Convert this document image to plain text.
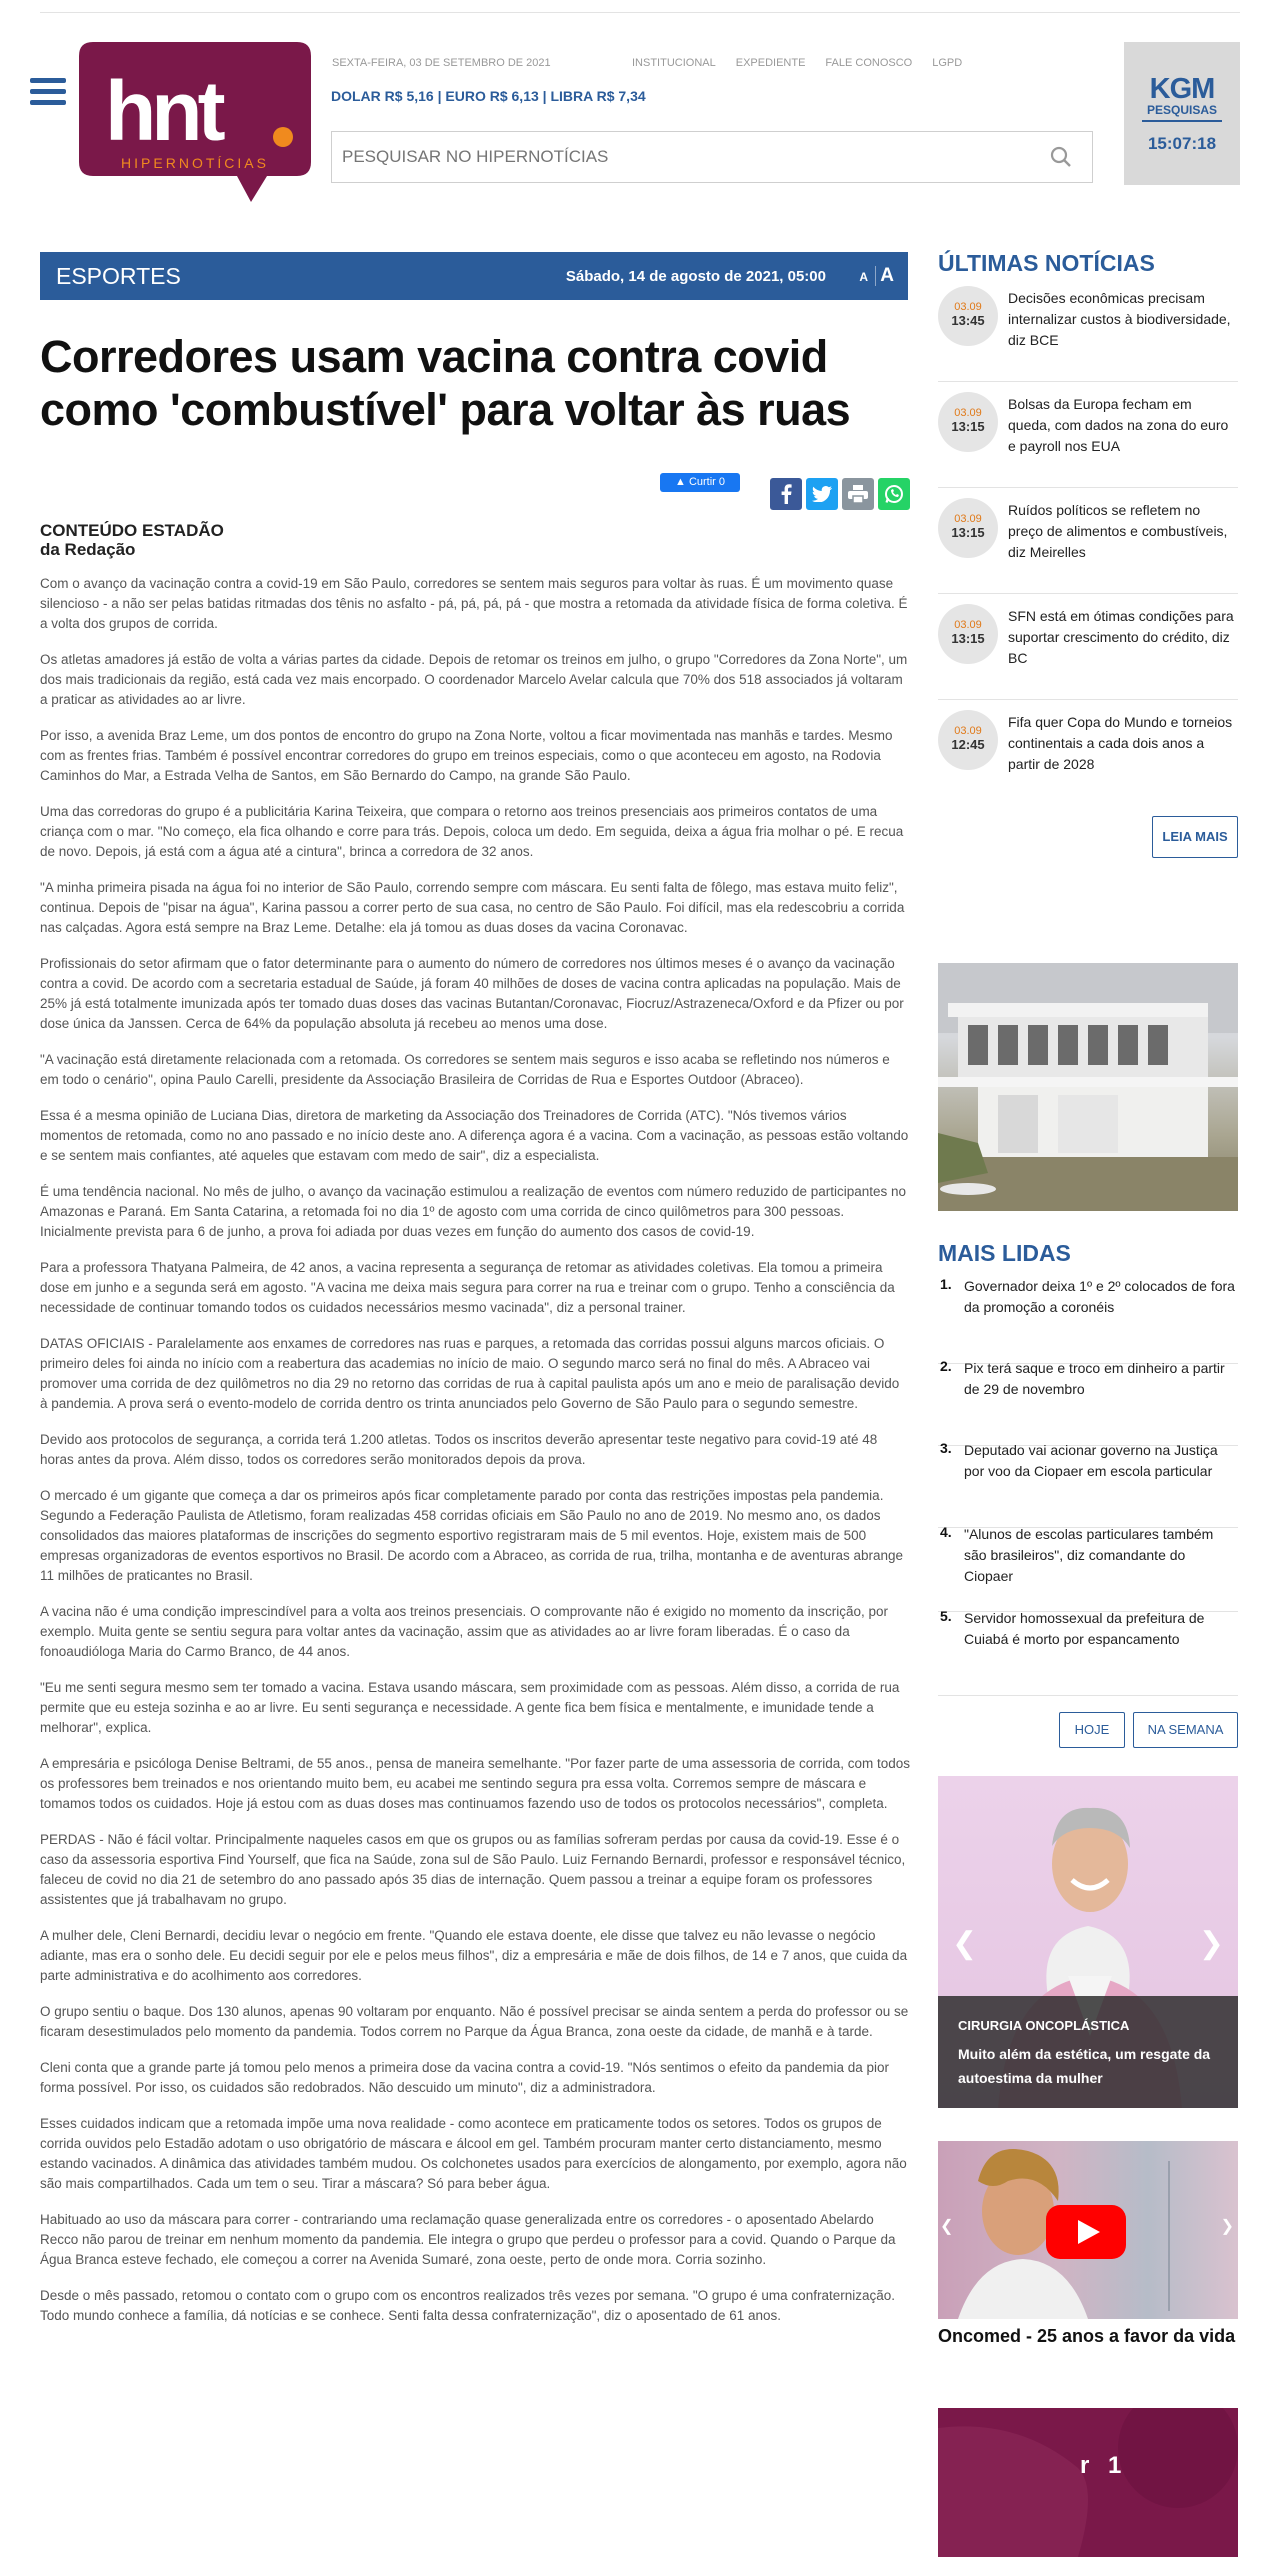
hnt
HIPERNOTÍCIAS
SEXTA-FEIRA, 03 DE SETEMBRO DE 2021	INSTITUCIONAL EXPEDIENTE FALE CONOSCO LGPD
DOLAR R$ 5,16 | EURO R$ 6,13 | LIBRA R$ 7,34
PESQUISAR NO HIPERNOTÍCIAS	KGM
PESQUISAS
15:07:18
ESPORTES	Sábado, 14 de agosto de 2021, 05:00	A A
Corredores usam vacina contra covid como 'combustível' para voltar às ruas
▲ Curtir 0
CONTEÚDO ESTADÃO
da Redação

Com o avanço da vacinação contra a covid-19 em São Paulo, corredores se sentem mais seguros para voltar às ruas. É um movimento quase silencioso - a não ser pelas batidas ritmadas dos tênis no asfalto - pá, pá, pá, pá - que mostra a retomada da atividade física de forma coletiva. É a volta dos grupos de corrida.

Os atletas amadores já estão de volta a várias partes da cidade. Depois de retomar os treinos em julho, o grupo "Corredores da Zona Norte", um dos mais tradicionais da região, está cada vez mais encorpado. O coordenador Marcelo Avelar calcula que 70% dos 518 associados já voltaram a praticar as atividades ao ar livre.

Por isso, a avenida Braz Leme, um dos pontos de encontro do grupo na Zona Norte, voltou a ficar movimentada nas manhãs e tardes. Mesmo com as frentes frias. Também é possível encontrar corredores do grupo em treinos especiais, como o que aconteceu em agosto, na Rodovia Caminhos do Mar, a Estrada Velha de Santos, em São Bernardo do Campo, na grande São Paulo.

Uma das corredoras do grupo é a publicitária Karina Teixeira, que compara o retorno aos treinos presenciais aos primeiros contatos de uma criança com o mar. "No começo, ela fica olhando e corre para trás. Depois, coloca um dedo. Em seguida, deixa a água fria molhar o pé. E recua de novo. Depois, já está com a água até a cintura", brinca a corredora de 32 anos.

"A minha primeira pisada na água foi no interior de São Paulo, correndo sempre com máscara. Eu senti falta de fôlego, mas estava muito feliz", continua. Depois de "pisar na água", Karina passou a correr perto de sua casa, no centro de São Paulo. Foi difícil, mas ela redescobriu a corrida nas calçadas. Agora está sempre na Braz Leme. Detalhe: ela já tomou as duas doses da vacina Coronavac.

Profissionais do setor afirmam que o fator determinante para o aumento do número de corredores nos últimos meses é o avanço da vacinação contra a covid. De acordo com a secretaria estadual de Saúde, já foram 40 milhões de doses de vacina contra aplicadas na população. Mais de 25% já está totalmente imunizada após ter tomado duas doses das vacinas Butantan/Coronavac, Fiocruz/Astrazeneca/Oxford e da Pfizer ou por dose única da Janssen. Cerca de 64% da população absoluta já recebeu ao menos uma dose.

"A vacinação está diretamente relacionada com a retomada. Os corredores se sentem mais seguros e isso acaba se refletindo nos números e em todo o cenário", opina Paulo Carelli, presidente da Associação Brasileira de Corridas de Rua e Esportes Outdoor (Abraceo).

Essa é a mesma opinião de Luciana Dias, diretora de marketing da Associação dos Treinadores de Corrida (ATC). "Nós tivemos vários momentos de retomada, como no ano passado e no início deste ano. A diferença agora é a vacina. Com a vacinação, as pessoas estão voltando e se sentem mais confiantes, até aqueles que estavam com medo de sair", diz a especialista.

É uma tendência nacional. No mês de julho, o avanço da vacinação estimulou a realização de eventos com número reduzido de participantes no Amazonas e Paraná. Em Santa Catarina, a retomada foi no dia 1º de agosto com uma corrida de cinco quilômetros para 300 pessoas. Inicialmente prevista para 6 de junho, a prova foi adiada por duas vezes em função do aumento dos casos de covid-19.

Para a professora Thatyana Palmeira, de 42 anos, a vacina representa a segurança de retomar as atividades coletivas. Ela tomou a primeira dose em junho e a segunda será em agosto. "A vacina me deixa mais segura para correr na rua e treinar com o grupo. Tenho a consciência da necessidade de continuar tomando todos os cuidados necessários mesmo vacinada", diz a personal trainer.

DATAS OFICIAIS - Paralelamente aos enxames de corredores nas ruas e parques, a retomada das corridas possui alguns marcos oficiais. O primeiro deles foi ainda no início com a reabertura das academias no início de maio. O segundo marco será no final do mês. A Abraceo vai promover uma corrida de dez quilômetros no dia 29 no retorno das corridas de rua à capital paulista após um ano e meio de paralisação devido à pandemia. A prova será o evento-modelo de corrida dentro os trinta anunciados pelo Governo de São Paulo para o segundo semestre.

Devido aos protocolos de segurança, a corrida terá 1.200 atletas. Todos os inscritos deverão apresentar teste negativo para covid-19 até 48 horas antes da prova. Além disso, todos os corredores serão monitorados depois da prova.

O mercado é um gigante que começa a dar os primeiros após ficar completamente parado por conta das restrições impostas pela pandemia. Segundo a Federação Paulista de Atletismo, foram realizadas 458 corridas oficiais em São Paulo no ano de 2019. No mesmo ano, os dados consolidados das maiores plataformas de inscrições do segmento esportivo registraram mais de 5 mil eventos. Hoje, existem mais de 500 empresas organizadoras de eventos esportivos no Brasil. De acordo com a Abraceo, as corrida de rua, trilha, montanha e de aventuras abrange 11 milhões de praticantes no Brasil.

A vacina não é uma condição imprescindível para a volta aos treinos presenciais. O comprovante não é exigido no momento da inscrição, por exemplo. Muita gente se sentiu segura para voltar antes da vacinação, assim que as atividades ao ar livre foram liberadas. É o caso da fonoaudióloga Maria do Carmo Branco, de 44 anos.

"Eu me senti segura mesmo sem ter tomado a vacina. Estava usando máscara, sem proximidade com as pessoas. Além disso, a corrida de rua permite que eu esteja sozinha e ao ar livre. Eu senti segurança e necessidade. A gente fica bem física e mentalmente, e imunidade tende a melhorar", explica.

A empresária e psicóloga Denise Beltrami, de 55 anos., pensa de maneira semelhante. "Por fazer parte de uma assessoria de corrida, com todos os professores bem treinados e nos orientando muito bem, eu acabei me sentindo segura pra essa volta. Corremos sempre de máscara e tomamos todos os cuidados. Hoje já estou com as duas doses mas continuamos fazendo uso de todos os protocolos necessários", completa.

PERDAS - Não é fácil voltar. Principalmente naqueles casos em que os grupos ou as famílias sofreram perdas por causa da covid-19. Esse é o caso da assessoria esportiva Find Yourself, que fica na Saúde, zona sul de São Paulo. Luiz Fernando Bernardi, professor e responsável técnico, faleceu de covid no dia 21 de setembro do ano passado após 35 dias de internação. Quem passou a treinar a equipe foram os professores assistentes que já trabalhavam no grupo.

A mulher dele, Cleni Bernardi, decidiu levar o negócio em frente. "Quando ele estava doente, ele disse que talvez eu não levasse o negócio adiante, mas era o sonho dele. Eu decidi seguir por ele e pelos meus filhos", diz a empresária e mãe de dois filhos, de 14 e 7 anos, que cuida da parte administrativa e do acolhimento aos corredores.

O grupo sentiu o baque. Dos 130 alunos, apenas 90 voltaram por enquanto. Não é possível precisar se ainda sentem a perda do professor ou se ficaram desestimulados pelo momento da pandemia. Todos correm no Parque da Água Branca, zona oeste da cidade, de manhã e à tarde.

Cleni conta que a grande parte já tomou pelo menos a primeira dose da vacina contra a covid-19. "Nós sentimos o efeito da pandemia da pior forma possível. Por isso, os cuidados são redobrados. Não descuido um minuto", diz a administradora.

Esses cuidados indicam que a retomada impõe uma nova realidade - como acontece em praticamente todos os setores. Todos os grupos de corrida ouvidos pelo Estadão adotam o uso obrigatório de máscara e álcool em gel. Também procuram manter certo distanciamento, mesmo estando vacinados. A dinâmica das atividades também mudou. Os colchonetes usados para exercícios de alongamento, por exemplo, agora não são mais compartilhados. Cada um tem o seu. Tirar a máscara? Só para beber água.

Habituado ao uso da máscara para correr - contrariando uma reclamação quase generalizada entre os corredores - o aposentado Abelardo Recco não parou de treinar em nenhum momento da pandemia. Ele integra o grupo que perdeu o professor para a covid. Quando o Parque da Água Branca esteve fechado, ele começou a correr na Avenida Sumaré, zona oeste, perto de onde mora. Corria sozinho.

Desde o mês passado, retomou o contato com o grupo com os encontros realizados três vezes por semana. "O grupo é uma confraternização. Todo mundo conhece a família, dá notícias e se conhece. Senti falta dessa confraternização", diz o aposentado de 61 anos.

ÚLTIMAS NOTÍCIAS
03.09
13:45
Decisões econômicas precisam internalizar custos à biodiversidade, diz BCE
03.09
13:15
Bolsas da Europa fecham em queda, com dados na zona do euro e payroll nos EUA
03.09
13:15
Ruídos políticos se refletem no preço de alimentos e combustíveis, diz Meirelles
03.09
13:15
SFN está em ótimas condições para suportar crescimento do crédito, diz BC
03.09
12:45
Fifa quer Copa do Mundo e torneios continentais a cada dois anos a partir de 2028
LEIA MAIS
MAIS LIDAS
1. Governador deixa 1º e 2º colocados de fora da promoção a coronéis
2. Pix terá saque e troco em dinheiro a partir de 29 de novembro
3. Deputado vai acionar governo na Justiça por voo da Ciopaer em escola particular
4. "Alunos de escolas particulares também são brasileiros", diz comandante do Ciopaer
5. Servidor homossexual da prefeitura de Cuiabá é morto por espancamento
HOJE	NA SEMANA
❮	❯
CIRURGIA ONCOPLÁSTICA
Muito além da estética, um resgate da autoestima da mulher
❮	❯
Oncomed - 25 anos a favor da vida
r 1
